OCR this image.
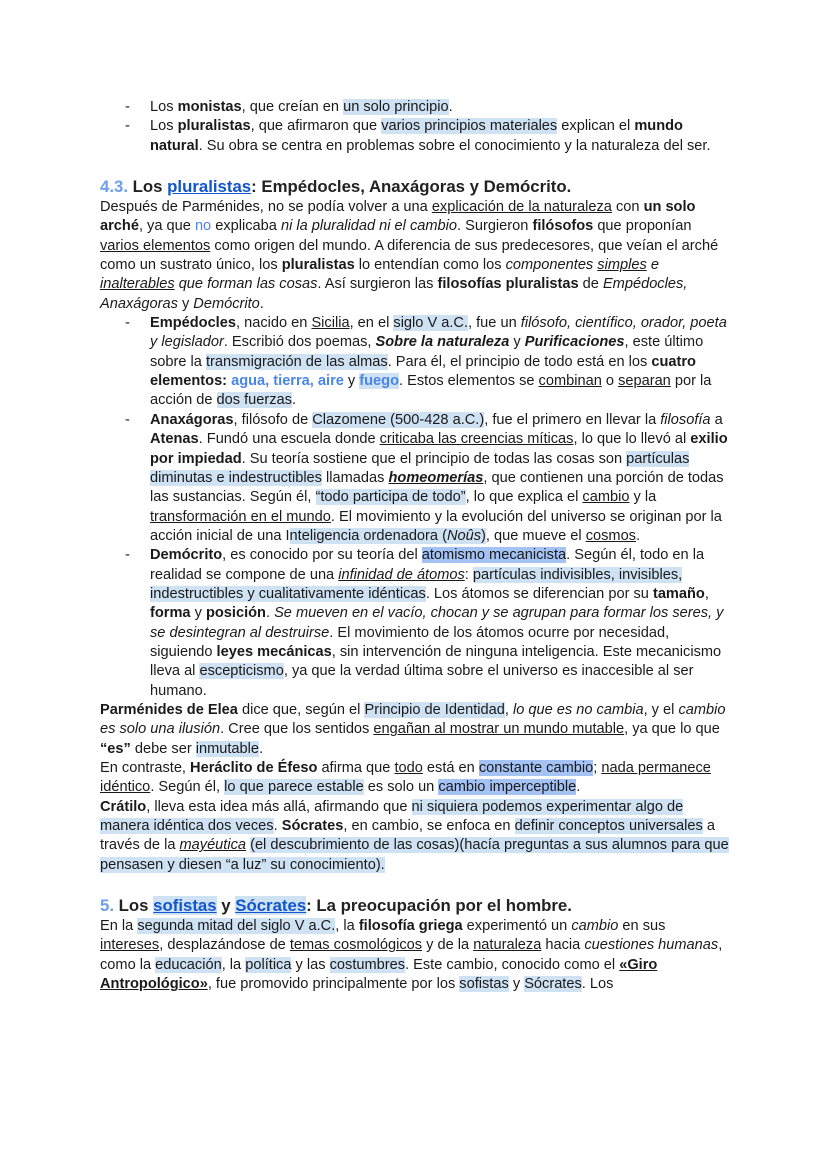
- Los monistas, que creían en un solo principio.
- Los pluralistas, que afirmaron que varios principios materiales explican el mundo natural. Su obra se centra en problemas sobre el conocimiento y la naturaleza del ser.
4.3. Los pluralistas: Empédocles, Anaxágoras y Demócrito.
Después de Parménides, no se podía volver a una explicación de la naturaleza con un solo arché, ya que no explicaba ni la pluralidad ni el cambio. Surgieron filósofos que proponían varios elementos como origen del mundo. A diferencia de sus predecesores, que veían el arché como un sustrato único, los pluralistas lo entendían como los componentes simples e inalterables que forman las cosas. Así surgieron las filosofías pluralistas de Empédocles, Anaxágoras y Demócrito.
- Empédocles, nacido en Sicilia, en el siglo V a.C., fue un filósofo, científico, orador, poeta y legislador. Escribió dos poemas, Sobre la naturaleza y Purificaciones, este último sobre la transmigración de las almas. Para él, el principio de todo está en los cuatro elementos: agua, tierra, aire y fuego. Estos elementos se combinan o separan por la acción de dos fuerzas.
- Anaxágoras, filósofo de Clazomene (500-428 a.C.), fue el primero en llevar la filosofía a Atenas. Fundó una escuela donde criticaba las creencias míticas, lo que lo llevó al exilio por impiedad. Su teoría sostiene que el principio de todas las cosas son partículas diminutas e indestructibles llamadas homeomerías, que contienen una porción de todas las sustancias. Según él, “todo participa de todo”, lo que explica el cambio y la transformación en el mundo. El movimiento y la evolución del universo se originan por la acción inicial de una Inteligencia ordenadora (Noûs), que mueve el cosmos.
- Demócrito, es conocido por su teoría del atomismo mecanicista. Según él, todo en la realidad se compone de una infinidad de átomos: partículas indivisibles, invisibles, indestructibles y cualitativamente idénticas. Los átomos se diferencian por su tamaño, forma y posición. Se mueven en el vacío, chocan y se agrupan para formar los seres, y se desintegran al destruirse. El movimiento de los átomos ocurre por necesidad, siguiendo leyes mecánicas, sin intervención de ninguna inteligencia. Este mecanicismo lleva al escepticismo, ya que la verdad última sobre el universo es inaccesible al ser humano.
Parménides de Elea dice que, según el Principio de Identidad, lo que es no cambia, y el cambio es solo una ilusión. Cree que los sentidos engañan al mostrar un mundo mutable, ya que lo que “es” debe ser inmutable.
En contraste, Heráclito de Éfeso afirma que todo está en constante cambio; nada permanece idéntico. Según él, lo que parece estable es solo un cambio imperceptible.
Crátilo, lleva esta idea más allá, afirmando que ni siquiera podemos experimentar algo de manera idéntica dos veces. Sócrates, en cambio, se enfoca en definir conceptos universales a través de la mayéutica (el descubrimiento de las cosas)(hacía preguntas a sus alumnos para que pensasen y diesen “a luz” su conocimiento).
5. Los sofistas y Sócrates: La preocupación por el hombre.
En la segunda mitad del siglo V a.C., la filosofía griega experimentó un cambio en sus intereses, desplazándose de temas cosmológicos y de la naturaleza hacia cuestiones humanas, como la educación, la política y las costumbres. Este cambio, conocido como el «Giro Antropológico», fue promovido principalmente por los sofistas y Sócrates. Los
